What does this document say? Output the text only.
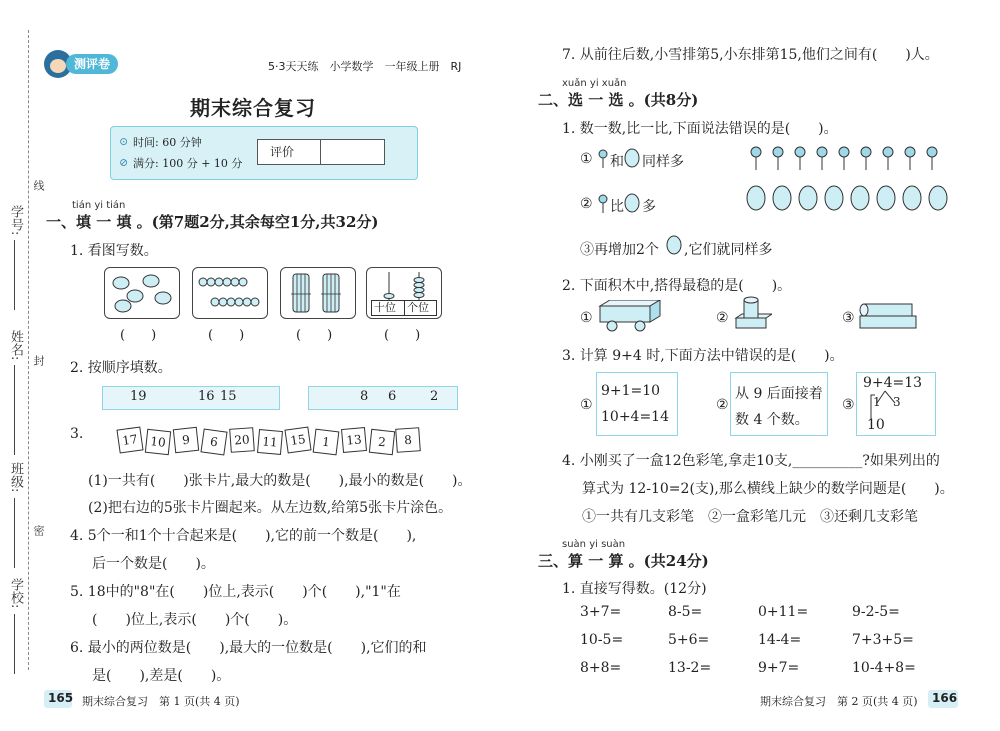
学号:
姓名:
班级:
学校:
线
封
密
测评卷	5·3天天练　小学数学　一年级上册　RJ
期末综合复习
⊙ 时间: 60 分钟
⊘ 满分: 100 分 + 10 分
评价
tián yi tián
一、填 一 填 。(第7题2分,其余每空1分,共32分)
1. 看图写数。
十位 个位
(　　)	(　　)	(　　)	(　　)
2. 按顺序填数。
19	16 15	8 6	2
3.	17 10	9	6	20 11 15	1	13	2	8
(1)一共有(　　)张卡片,最大的数是(　　),最小的数是(　　)。
(2)把右边的5张卡片圈起来。从左边数,给第5张卡片涂色。
4. 5个一和1个十合起来是(　　),它的前一个数是(　　),
后一个数是(　　)。
5. 18中的"8"在(　　)位上,表示(　　)个(　　),"1"在
(　　)位上,表示(　　)个(　　)。
6. 最小的两位数是(　　),最大的一位数是(　　),它们的和
是(　　),差是(　　)。
165 期末综合复习　第 1 页(共 4 页)
7. 从前往后数,小雪排第5,小东排第15,他们之间有(　　)人。
xuǎn yi xuǎn
二、选 一 选 。(共8分)
1. 数一数,比一比,下面说法错误的是(　　)。
① 和 同样多
② 比 多
③再增加2个 ,它们就同样多
2. 下面积木中,搭得最稳的是(　　)。
①	②	③
3. 计算 9+4 时,下面方法中错误的是(　　)。
①
9+1=10
10+4=14
②
从 9 后面接着
数 4 个数。
③
9+4=13
1 3
10
4. 小刚买了一盒12色彩笔,拿走10支,__________?如果列出的
算式为 12-10=2(支),那么横线上缺少的数学问题是(　　)。
①一共有几支彩笔　②一盒彩笔几元　③还剩几支彩笔
suàn yi suàn
三、算 一 算 。(共24分)
1. 直接写得数。(12分)
3+7=	8-5=	0+11=	9-2-5=
10-5=	5+6=	14-4=	7+3+5=
8+8=	13-2=	9+7=	10-4+8=
期末综合复习　第 2 页(共 4 页) 166
